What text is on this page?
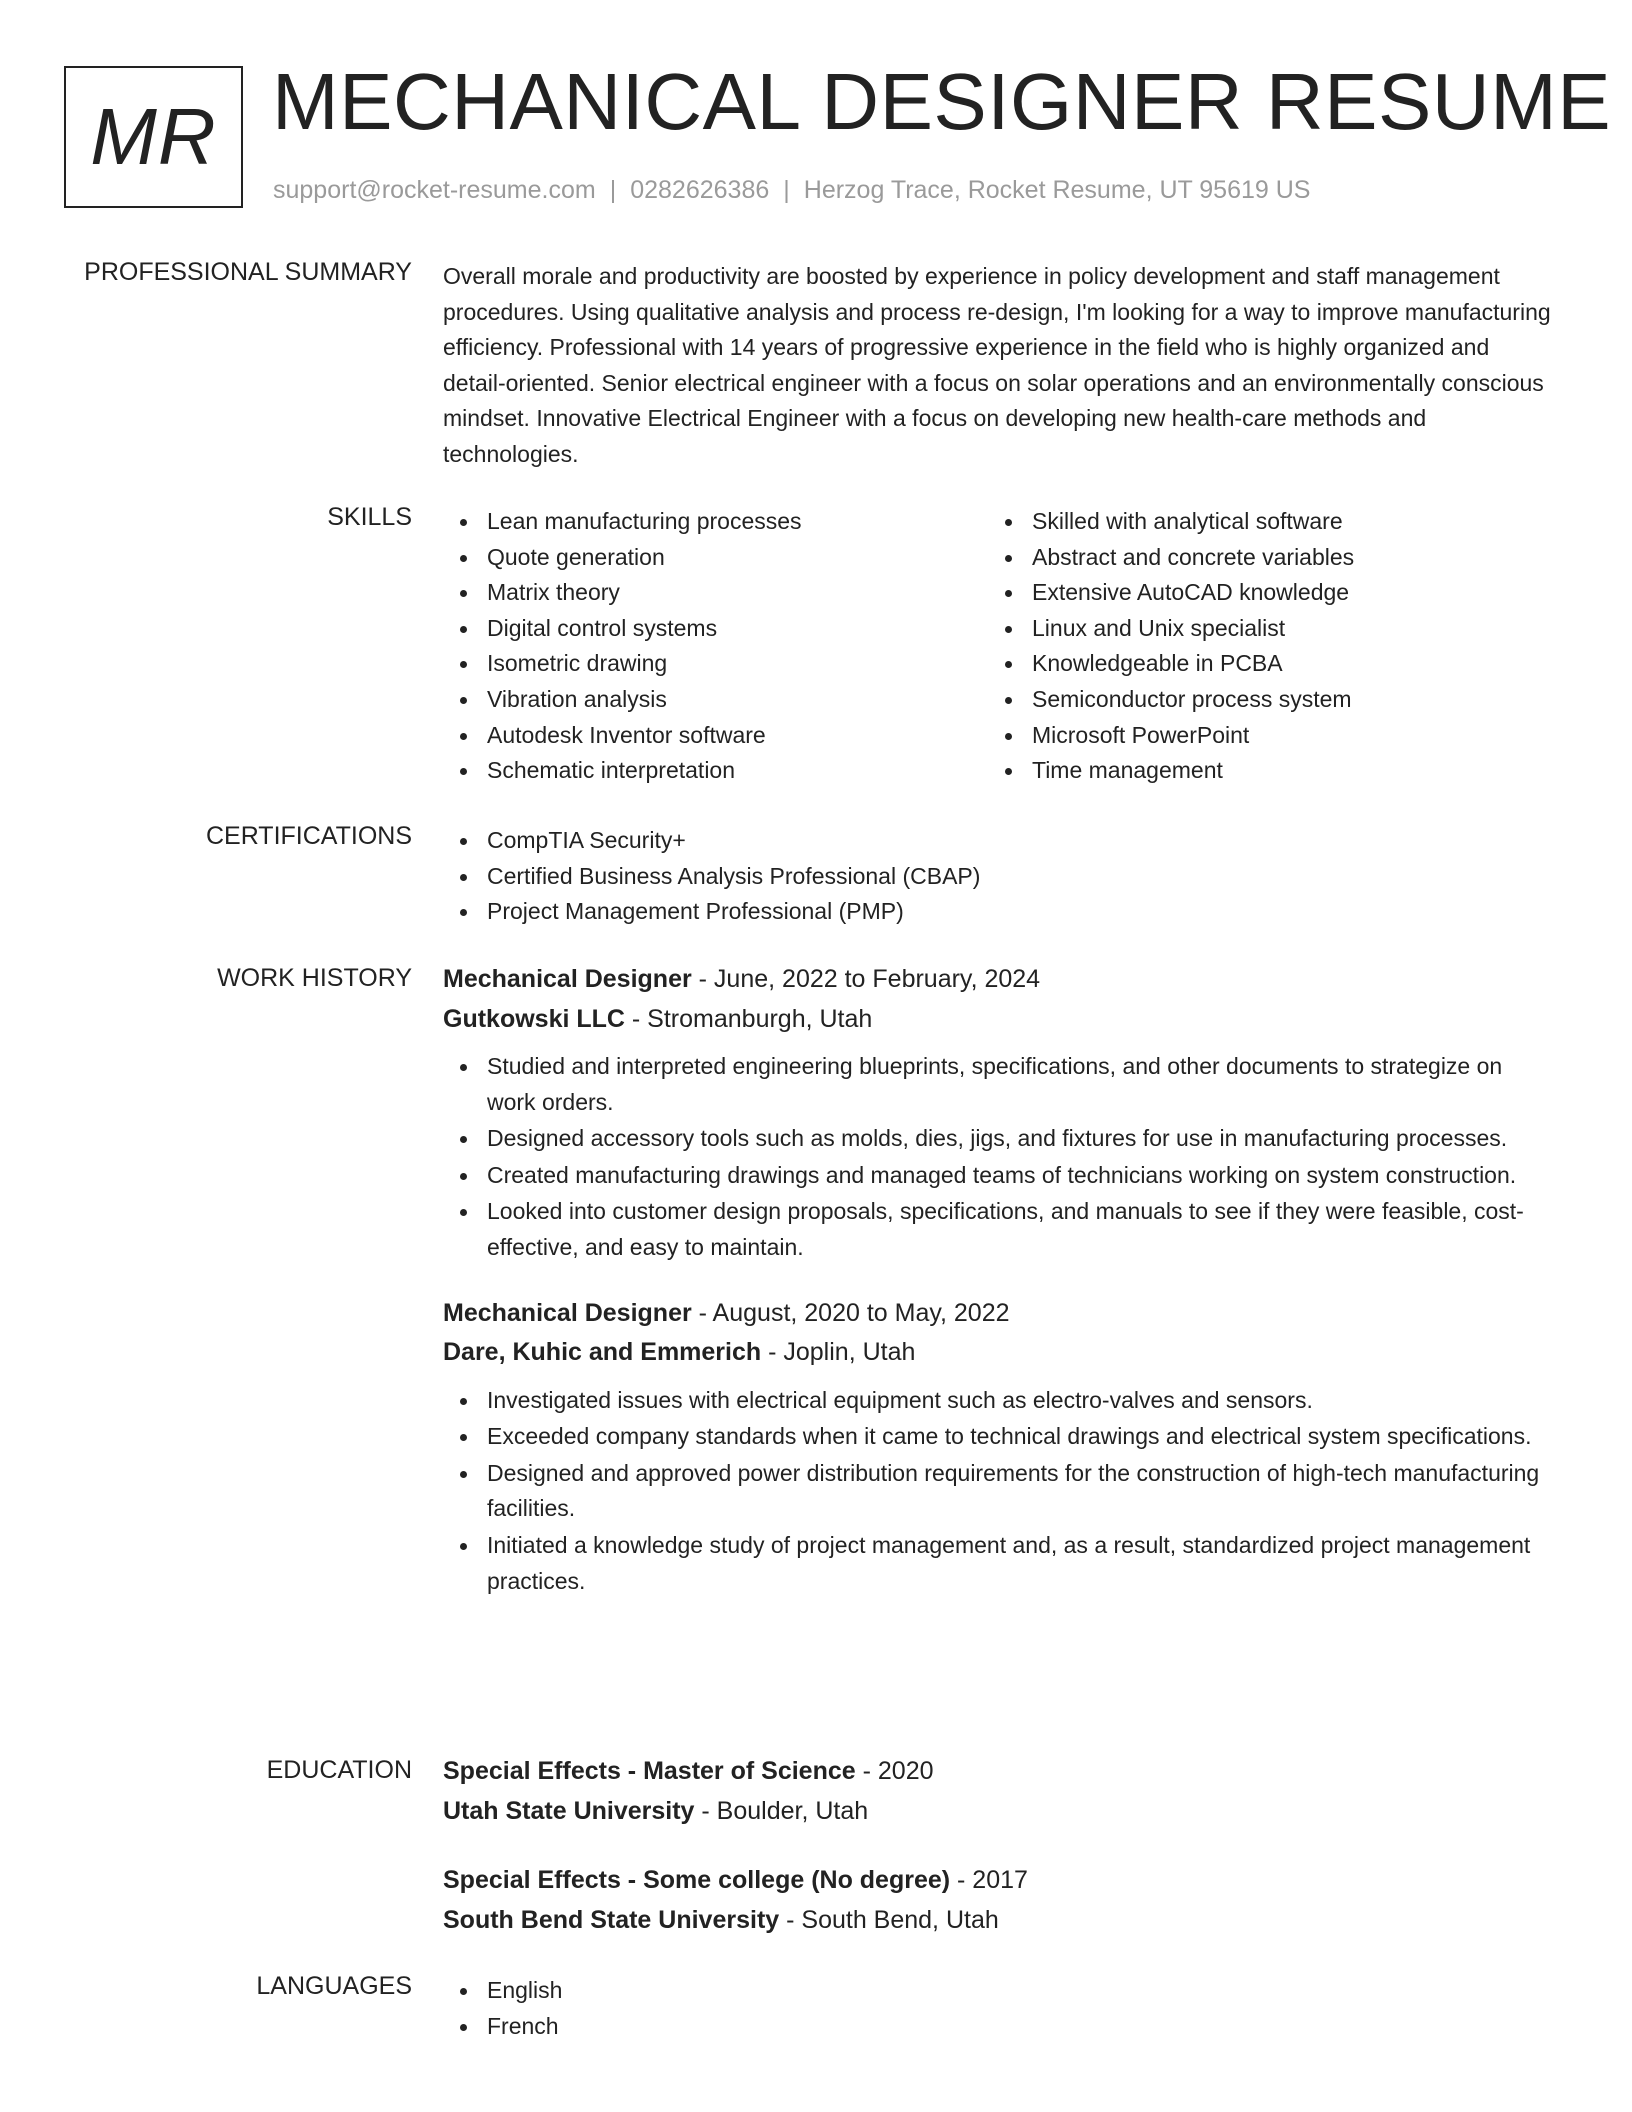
MR MECHANICAL DESIGNER RESUME
support@rocket-resume.com | 0282626386 | Herzog Trace, Rocket Resume, UT 95619 US
PROFESSIONAL SUMMARY Overall morale and productivity are boosted by experience in policy development and staff management procedures. Using qualitative analysis and process re-design, I'm looking for a way to improve manufacturing efficiency. Professional with 14 years of progressive experience in the field who is highly organized and detail-oriented. Senior electrical engineer with a focus on solar operations and an environmentally conscious mindset. Innovative Electrical Engineer with a focus on developing new health-care methods and technologies.

SKILLS	Lean manufacturing processes
Quote generation
Matrix theory
Digital control systems
Isometric drawing
Vibration analysis
Autodesk Inventor software
Schematic interpretation
Skilled with analytical software
Abstract and concrete variables
Extensive AutoCAD knowledge
Linux and Unix specialist
Knowledgeable in PCBA
Semiconductor process system
Microsoft PowerPoint
Time management
CERTIFICATIONS	CompTIA Security+
Certified Business Analysis Professional (CBAP)
Project Management Professional (PMP)
WORK HISTORY Mechanical Designer - June, 2022 to February, 2024
Gutkowski LLC - Stromanburgh, Utah
Studied and interpreted engineering blueprints, specifications, and other documents to strategize on work orders.
Designed accessory tools such as molds, dies, jigs, and fixtures for use in manufacturing processes.
Created manufacturing drawings and managed teams of technicians working on system construction.
Looked into customer design proposals, specifications, and manuals to see if they were feasible, cost-effective, and easy to maintain.
Mechanical Designer - August, 2020 to May, 2022
Dare, Kuhic and Emmerich - Joplin, Utah
Investigated issues with electrical equipment such as electro-valves and sensors.
Exceeded company standards when it came to technical drawings and electrical system specifications.
Designed and approved power distribution requirements for the construction of high-tech manufacturing facilities.
Initiated a knowledge study of project management and, as a result, standardized project management practices.
EDUCATION Special Effects - Master of Science - 2020
Utah State University - Boulder, Utah
Special Effects - Some college (No degree) - 2017
South Bend State University - South Bend, Utah
LANGUAGES	English
French
